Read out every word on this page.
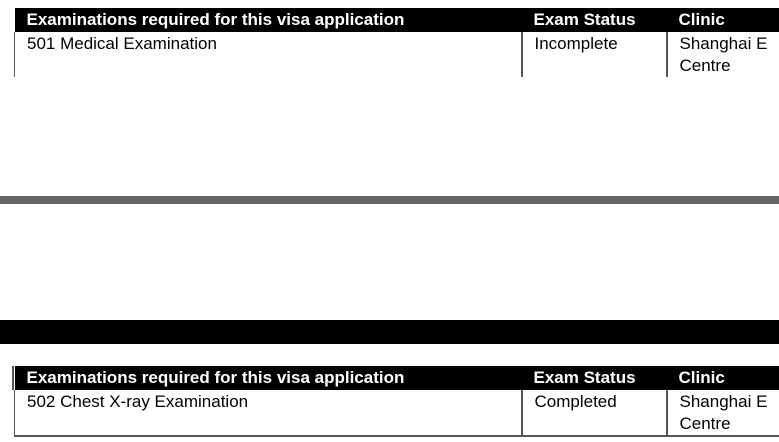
Examinations required for this visa application	Exam Status	Clinic
501 Medical Examination	Incomplete	Shanghai E Centre
Examinations required for this visa application	Exam Status	Clinic
502 Chest X-ray Examination	Completed	Shanghai E Centre
